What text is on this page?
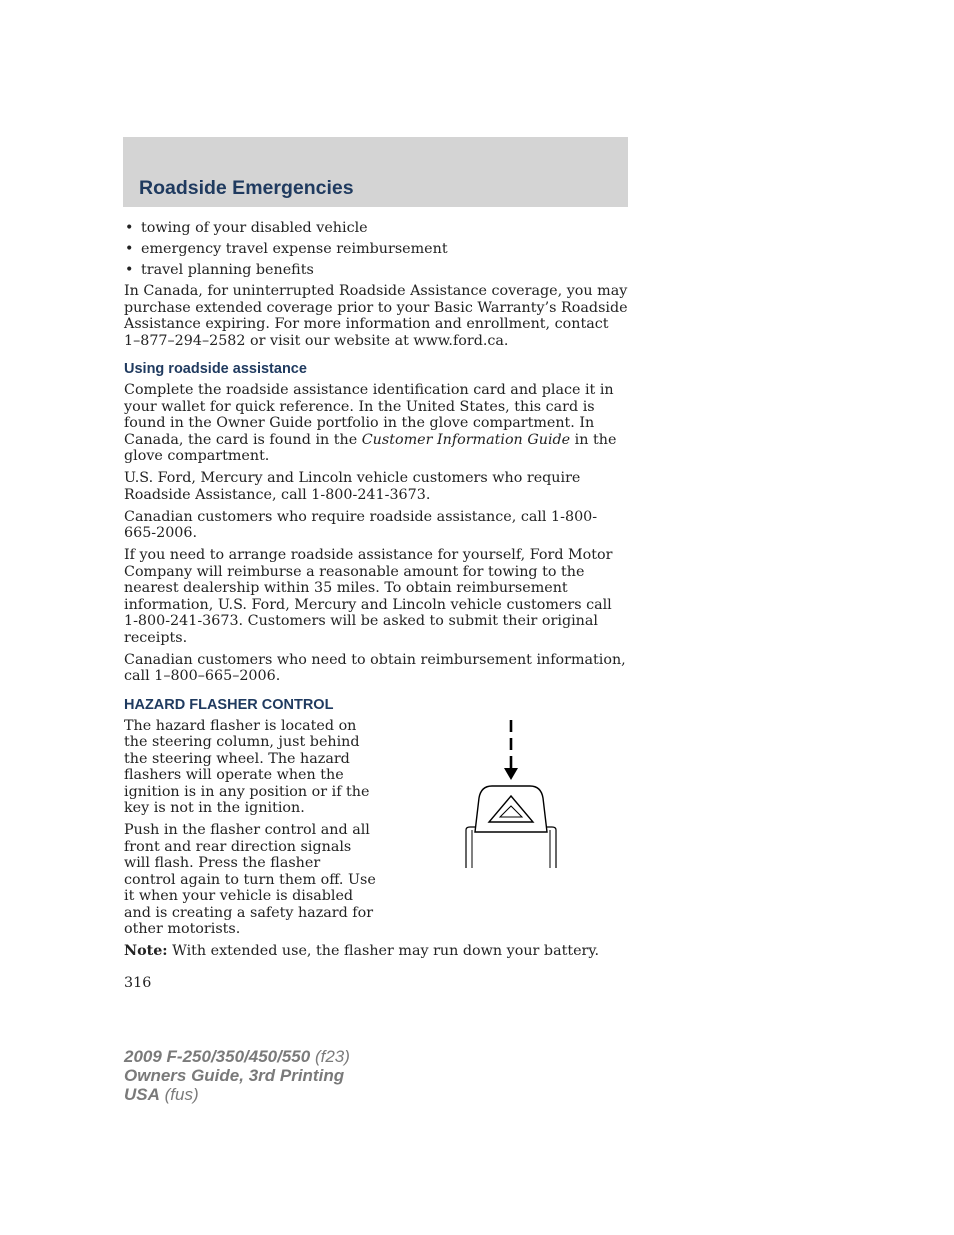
Roadside Emergencies
• towing of your disabled vehicle
• emergency travel expense reimbursement
• travel planning benefits

In Canada, for uninterrupted Roadside Assistance coverage, you may purchase extended coverage prior to your Basic Warranty’s Roadside Assistance expiring. For more information and enrollment, contact 1–877–294–2582 or visit our website at www.ford.ca.

Using roadside assistance

Complete the roadside assistance identification card and place it in your wallet for quick reference. In the United States, this card is found in the Owner Guide portfolio in the glove compartment. In Canada, the card is found in the Customer Information Guide in the glove compartment.

U.S. Ford, Mercury and Lincoln vehicle customers who require Roadside Assistance, call 1-800-241-3673.

Canadian customers who require roadside assistance, call 1-800-665-2006.

If you need to arrange roadside assistance for yourself, Ford Motor Company will reimburse a reasonable amount for towing to the nearest dealership within 35 miles. To obtain reimbursement information, U.S. Ford, Mercury and Lincoln vehicle customers call 1-800-241-3673. Customers will be asked to submit their original receipts.

Canadian customers who need to obtain reimbursement information, call 1–800–665–2006.

HAZARD FLASHER CONTROL

The hazard flasher is located on the steering column, just behind the steering wheel. The hazard flashers will operate when the ignition is in any position or if the key is not in the ignition.

Push in the flasher control and all front and rear direction signals will flash. Press the flasher control again to turn them off. Use it when your vehicle is disabled and is creating a safety hazard for other motorists.

Note: With extended use, the flasher may run down your battery.

316
2009 F-250/350/450/550 (f23)
Owners Guide, 3rd Printing
USA (fus)
